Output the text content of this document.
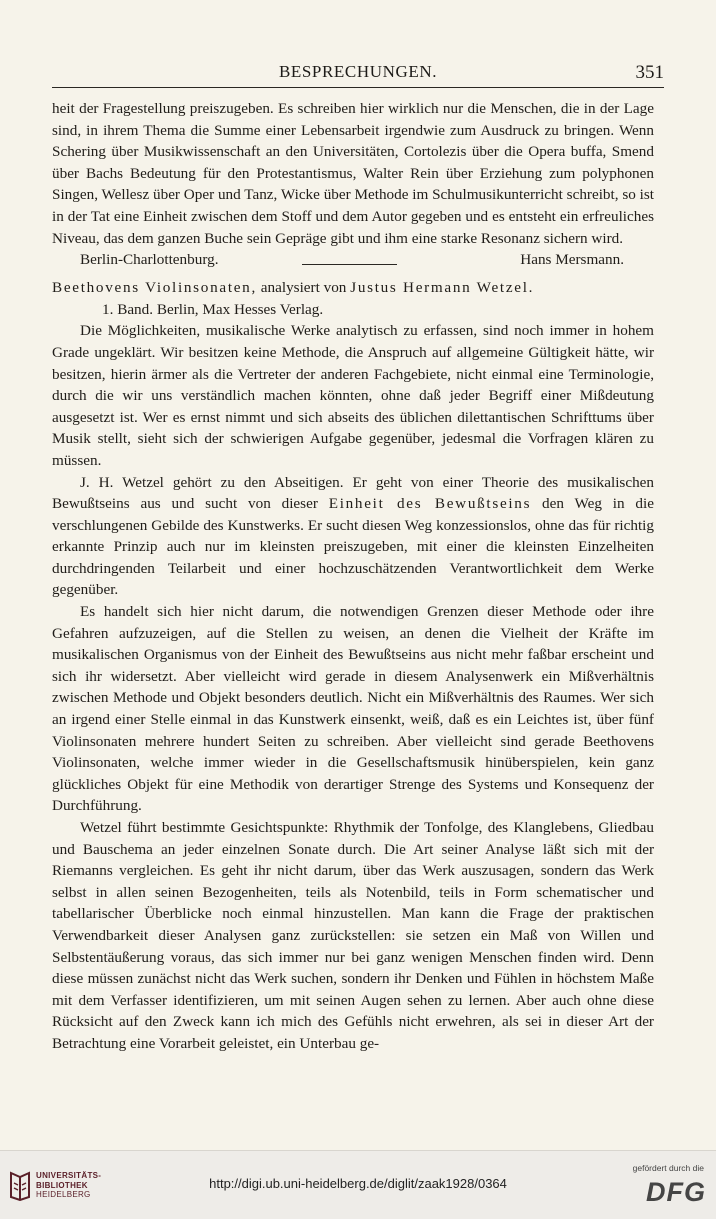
BESPRECHUNGEN.	351

heit der Fragestellung preiszugeben. Es schreiben hier wirklich nur die Menschen, die in der Lage sind, in ihrem Thema die Summe einer Lebensarbeit irgendwie zum Ausdruck zu bringen. Wenn Schering über Musikwissenschaft an den Universitäten, Cortolezis über die Opera buffa, Smend über Bachs Bedeutung für den Protestantismus, Walter Rein über Erziehung zum polyphonen Singen, Wellesz über Oper und Tanz, Wicke über Methode im Schulmusikunterricht schreibt, so ist in der Tat eine Einheit zwischen dem Stoff und dem Autor gegeben und es entsteht ein erfreuliches Niveau, das dem ganzen Buche sein Gepräge gibt und ihm eine starke Resonanz sichern wird.

Berlin-Charlottenburg.	Hans Mersmann.

Beethovens Violinsonaten, analysiert von Justus Hermann Wetzel.

1. Band. Berlin, Max Hesses Verlag.

Die Möglichkeiten, musikalische Werke analytisch zu erfassen, sind noch immer in hohem Grade ungeklärt. Wir besitzen keine Methode, die Anspruch auf allgemeine Gültigkeit hätte, wir besitzen, hierin ärmer als die Vertreter der anderen Fachgebiete, nicht einmal eine Terminologie, durch die wir uns verständlich machen könnten, ohne daß jeder Begriff einer Mißdeutung ausgesetzt ist. Wer es ernst nimmt und sich abseits des üblichen dilettantischen Schrifttums über Musik stellt, sieht sich der schwierigen Aufgabe gegenüber, jedesmal die Vorfragen klären zu müssen.

J. H. Wetzel gehört zu den Abseitigen. Er geht von einer Theorie des musikalischen Bewußtseins aus und sucht von dieser Einheit des Bewußtseins den Weg in die verschlungenen Gebilde des Kunstwerks. Er sucht diesen Weg konzessionslos, ohne das für richtig erkannte Prinzip auch nur im kleinsten preiszugeben, mit einer die kleinsten Einzelheiten durchdringenden Teilarbeit und einer hochzuschätzenden Verantwortlichkeit dem Werke gegenüber.

Es handelt sich hier nicht darum, die notwendigen Grenzen dieser Methode oder ihre Gefahren aufzuzeigen, auf die Stellen zu weisen, an denen die Vielheit der Kräfte im musikalischen Organismus von der Einheit des Bewußtseins aus nicht mehr faßbar erscheint und sich ihr widersetzt. Aber vielleicht wird gerade in diesem Analysenwerk ein Mißverhältnis zwischen Methode und Objekt besonders deutlich. Nicht ein Mißverhältnis des Raumes. Wer sich an irgend einer Stelle einmal in das Kunstwerk einsenkt, weiß, daß es ein Leichtes ist, über fünf Violinsonaten mehrere hundert Seiten zu schreiben. Aber vielleicht sind gerade Beethovens Violinsonaten, welche immer wieder in die Gesellschaftsmusik hinüberspielen, kein ganz glückliches Objekt für eine Methodik von derartiger Strenge des Systems und Konsequenz der Durchführung.

Wetzel führt bestimmte Gesichtspunkte: Rhythmik der Tonfolge, des Klanglebens, Gliedbau und Bauschema an jeder einzelnen Sonate durch. Die Art seiner Analyse läßt sich mit der Riemanns vergleichen. Es geht ihr nicht darum, über das Werk auszusagen, sondern das Werk selbst in allen seinen Bezogenheiten, teils als Notenbild, teils in Form schematischer und tabellarischer Überblicke noch einmal hinzustellen. Man kann die Frage der praktischen Verwendbarkeit dieser Analysen ganz zurückstellen: sie setzen ein Maß von Willen und Selbstentäußerung voraus, das sich immer nur bei ganz wenigen Menschen finden wird. Denn diese müssen zunächst nicht das Werk suchen, sondern ihr Denken und Fühlen in höchstem Maße mit dem Verfasser identifizieren, um mit seinen Augen sehen zu lernen. Aber auch ohne diese Rücksicht auf den Zweck kann ich mich des Gefühls nicht erwehren, als sei in dieser Art der Betrachtung eine Vorarbeit geleistet, ein Unterbau ge-

UNIVERSITÄTS-
BIBLIOTHEK
HEIDELBERG
http://digi.ub.uni-heidelberg.de/diglit/zaak1928/0364
gefördert durch die
DFG
